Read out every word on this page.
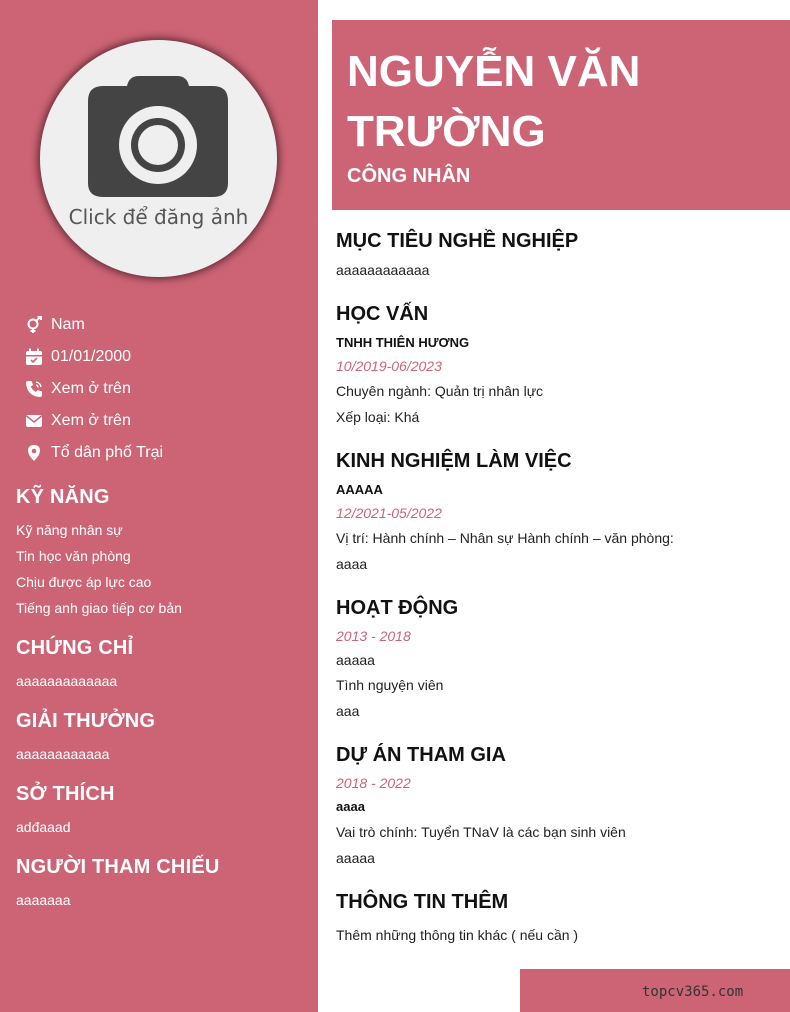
Click để đăng ảnh
Nam
01/01/2000
Xem ở trên
Xem ở trên
Tổ dân phố Trại
KỸ NĂNG
Kỹ năng nhân sự
Tin học văn phòng
Chịu được áp lực cao
Tiếng anh giao tiếp cơ bản
CHỨNG CHỈ
aaaaaaaaaaaaa
GIẢI THƯỞNG
aaaaaaaaaaaa
SỞ THÍCH
adđaaad
NGƯỜI THAM CHIẾU
aaaaaaa
NGUYỄN VĂN TRƯỜNG
CÔNG NHÂN
MỤC TIÊU NGHỀ NGHIỆP
aaaaaaaaaaaa
HỌC VẤN
TNHH THIÊN HƯƠNG
10/2019-06/2023
Chuyên ngành: Quản trị nhân lực
Xếp loại: Khá
KINH NGHIỆM LÀM VIỆC
AAAAA
12/2021-05/2022
Vị trí: Hành chính – Nhân sự Hành chính – văn phòng:
aaaa
HOẠT ĐỘNG
2013 - 2018
aaaaa
Tình nguyện viên
aaa
DỰ ÁN THAM GIA
2018 - 2022
aaaa
Vai trò chính: Tuyển TNaV là các bạn sinh viên
aaaaa
THÔNG TIN THÊM
Thêm những thông tin khác ( nếu cần )
topcv365.com
